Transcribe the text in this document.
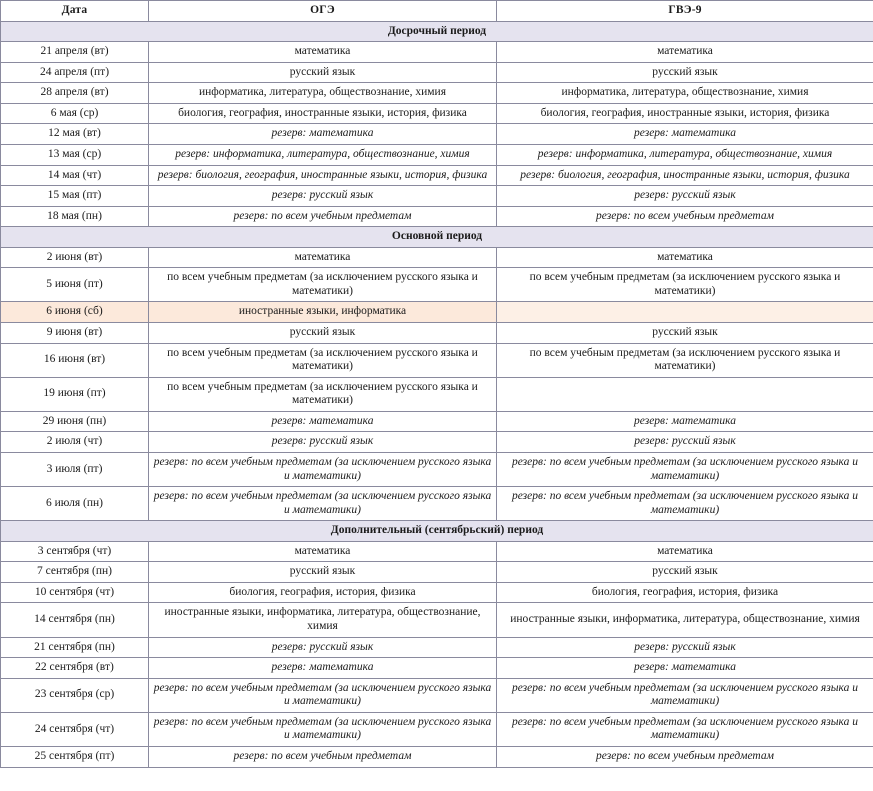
Дата	ОГЭ	ГВЭ-9
Досрочный период		
21 апреля (вт)	математика	математика
24 апреля (пт)	русский язык	русский язык
28 апреля (вт)	информатика, литература, обществознание, химия	информатика, литература, обществознание, химия
6 мая (ср)	биология, география, иностранные языки, история, физика	биология, география, иностранные языки, история, физика
12 мая (вт)	резерв: математика	резерв: математика
13 мая (ср)	резерв: информатика, литература, обществознание, химия	резерв: информатика, литература, обществознание, химия
14 мая (чт)	резерв: биология, география, иностранные языки, история, физика	резерв: биология, география, иностранные языки, история, физика
15 мая (пт)	резерв: русский язык	резерв: русский язык
18 мая (пн)	резерв: по всем учебным предметам	резерв: по всем учебным предметам
Основной период		
2 июня (вт)	математика	математика
5 июня (пт)	по всем учебным предметам (за исключением русского языка и математики)	по всем учебным предметам (за исключением русского языка и математики)
6 июня (сб)	иностранные языки, информатика	
9 июня (вт)	русский язык	русский язык
16 июня (вт)	по всем учебным предметам (за исключением русского языка и математики)	по всем учебным предметам (за исключением русского языка и математики)
19 июня (пт)	по всем учебным предметам (за исключением русского языка и математики)	
29 июня (пн)	резерв: математика	резерв: математика
2 июля (чт)	резерв: русский язык	резерв: русский язык
3 июля (пт)	резерв: по всем учебным предметам (за исключением русского языка и математики)	резерв: по всем учебным предметам (за исключением русского языка и математики)
6 июля (пн)	резерв: по всем учебным предметам (за исключением русского языка и математики)	резерв: по всем учебным предметам (за исключением русского языка и математики)
Дополнительный (сентябрьский) период		
3 сентября (чт)	математика	математика
7 сентября (пн)	русский язык	русский язык
10 сентября (чт)	биология, география, история, физика	биология, география, история, физика
14 сентября (пн)	иностранные языки, информатика, литература, обществознание, химия	иностранные языки, информатика, литература, обществознание, химия
21 сентября (пн)	резерв: русский язык	резерв: русский язык
22 сентября (вт)	резерв: математика	резерв: математика
23 сентября (ср)	резерв: по всем учебным предметам (за исключением русского языка и математики)	резерв: по всем учебным предметам (за исключением русского языка и математики)
24 сентября (чт)	резерв: по всем учебным предметам (за исключением русского языка и математики)	резерв: по всем учебным предметам (за исключением русского языка и математики)
25 сентября (пт)	резерв: по всем учебным предметам	резерв: по всем учебным предметам
